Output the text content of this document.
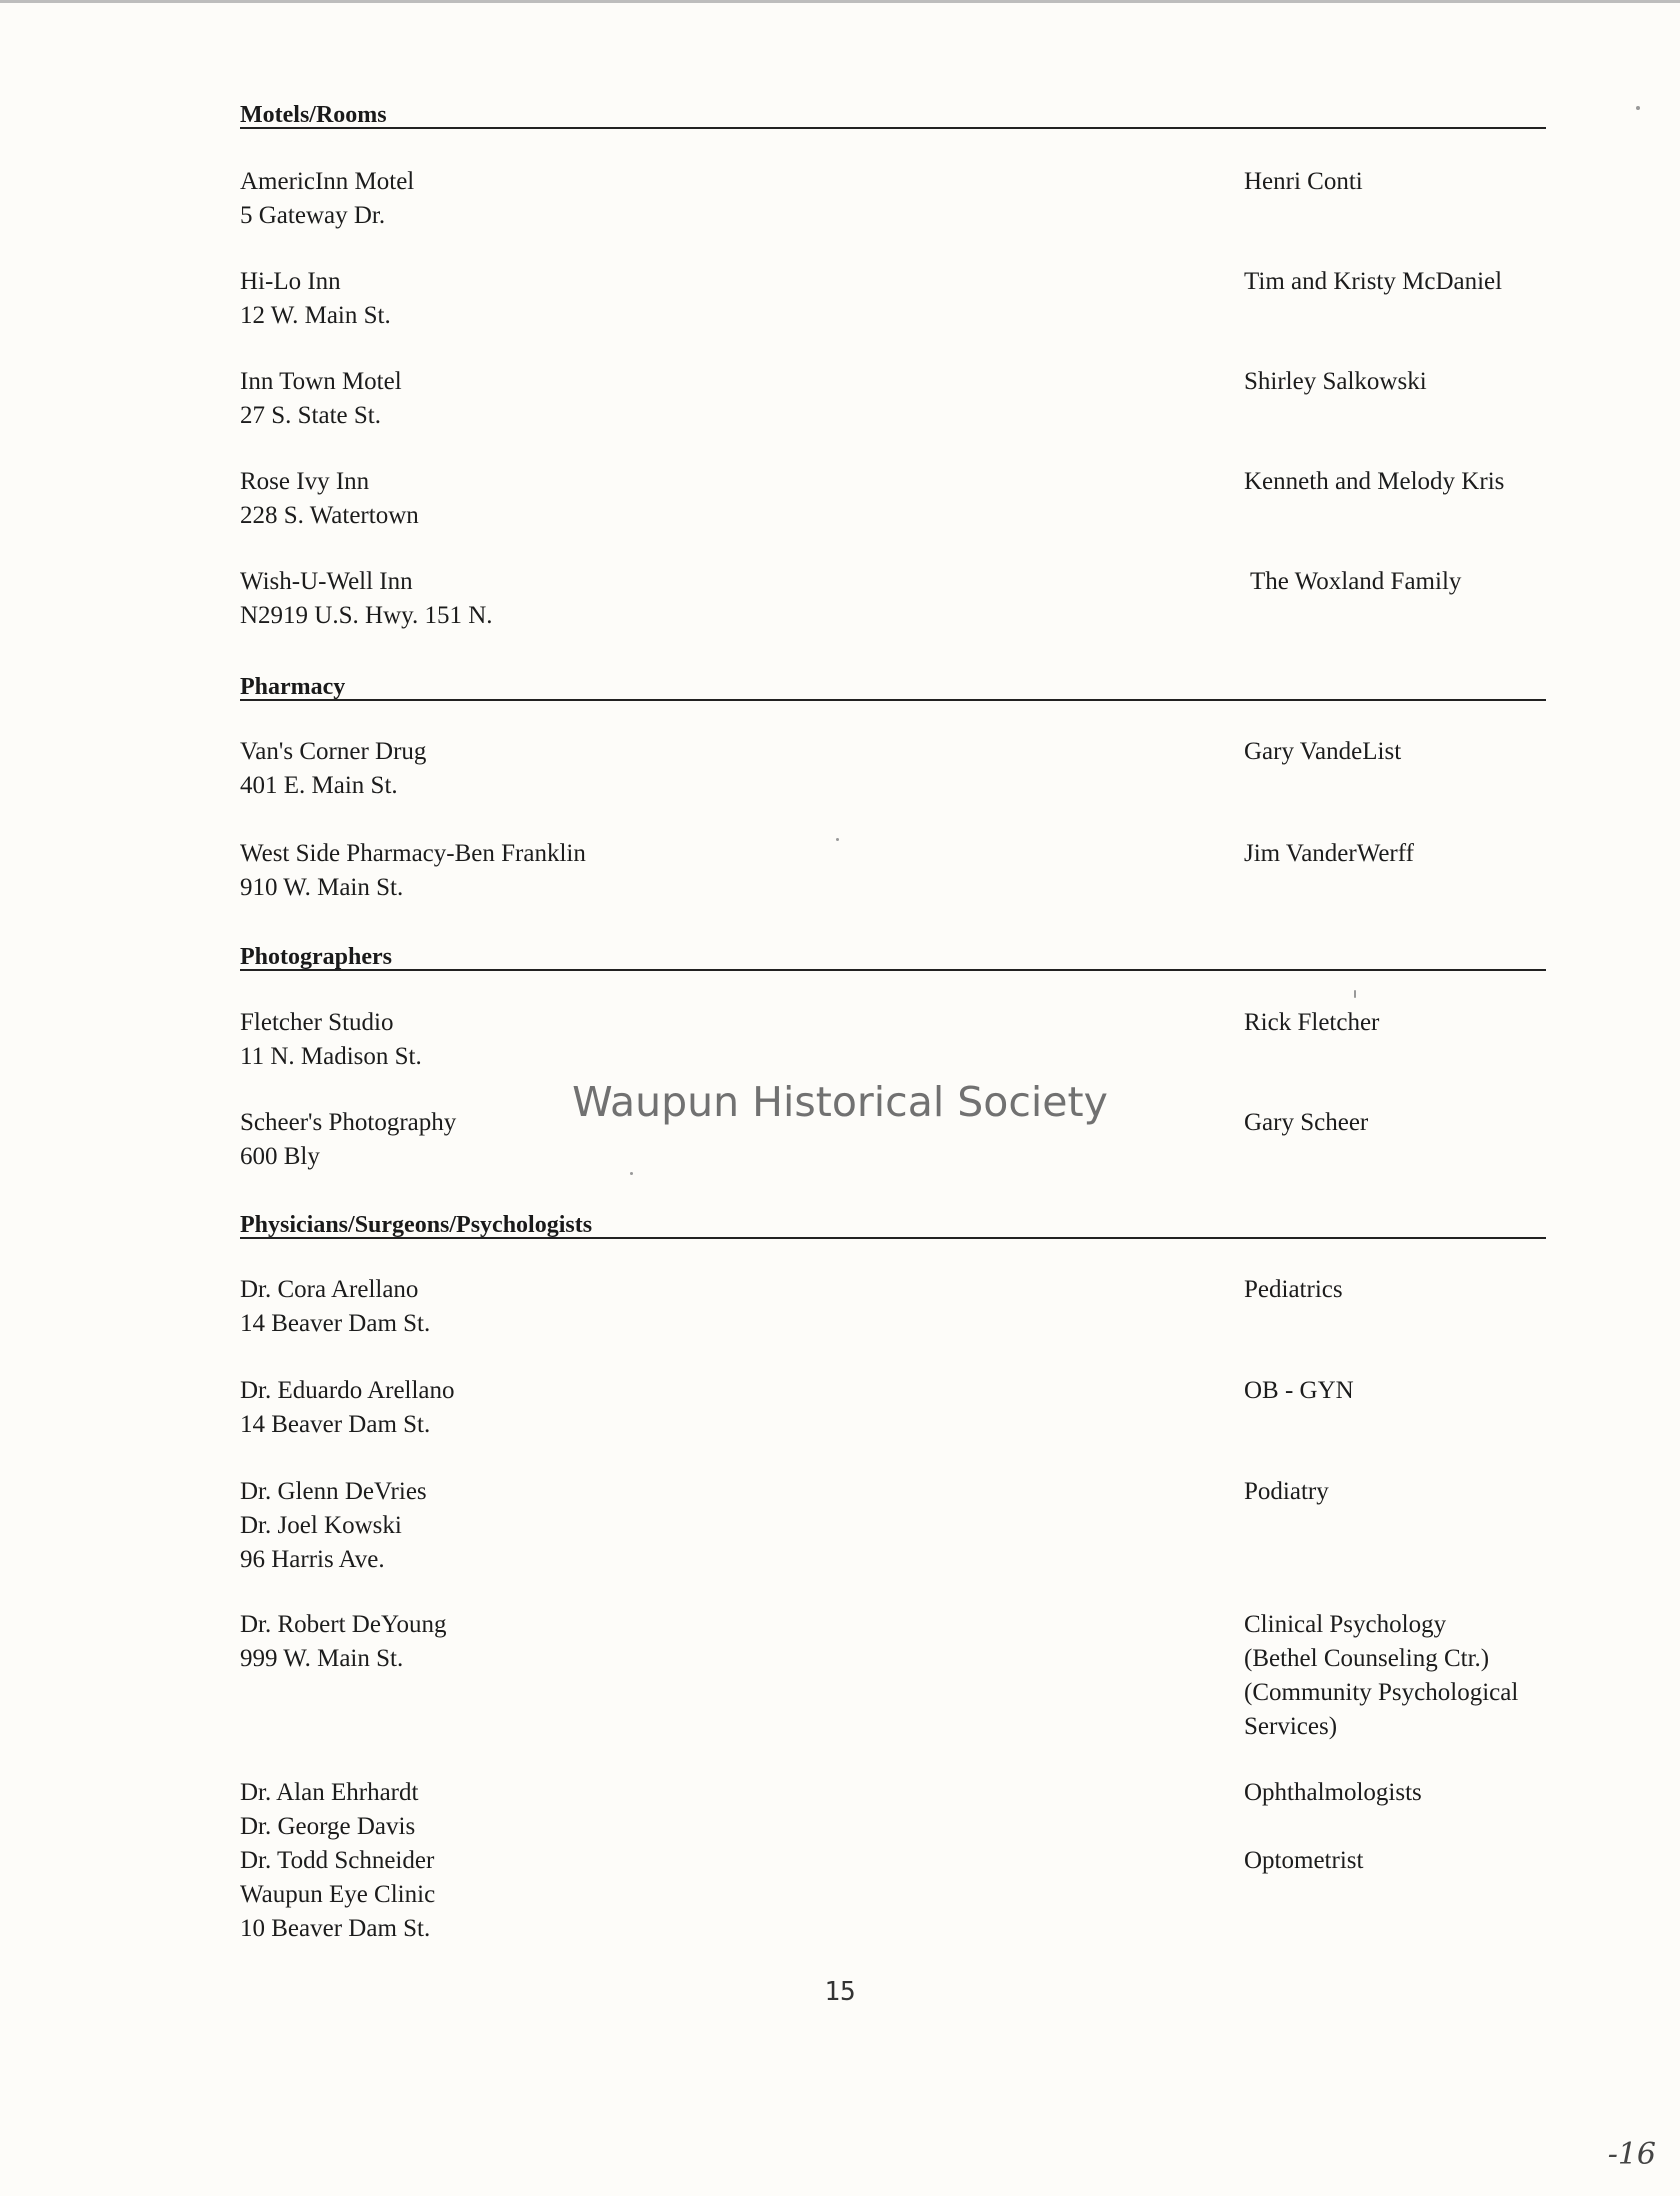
Motels/Rooms
AmericInn Motel
5 Gateway Dr.
Henri Conti
Hi-Lo Inn
12 W. Main St.
Tim and Kristy McDaniel
Inn Town Motel
27 S. State St.
Shirley Salkowski
Rose Ivy Inn
228 S. Watertown
Kenneth and Melody Kris
Wish-U-Well Inn
N2919 U.S. Hwy. 151 N.
The Woxland Family
Pharmacy
Van's Corner Drug
401 E. Main St.
Gary VandeList
West Side Pharmacy-Ben Franklin
910 W. Main St.
Jim VanderWerff
Photographers
Fletcher Studio
11 N. Madison St.
Rick Fletcher
Scheer's Photography
600 Bly
Gary Scheer
Physicians/Surgeons/Psychologists
Dr. Cora Arellano
14 Beaver Dam St.
Pediatrics
Dr. Eduardo Arellano
14 Beaver Dam St.
OB - GYN
Dr. Glenn DeVries
Dr. Joel Kowski
96 Harris Ave.
Podiatry
Dr. Robert DeYoung
999 W. Main St.
Clinical Psychology
(Bethel Counseling Ctr.)
(Community Psychological
Services)
Dr. Alan Ehrhardt
Dr. George Davis
Dr. Todd Schneider
Waupun Eye Clinic
10 Beaver Dam St.
Ophthalmologists
Optometrist
Waupun Historical Society
15
-16
